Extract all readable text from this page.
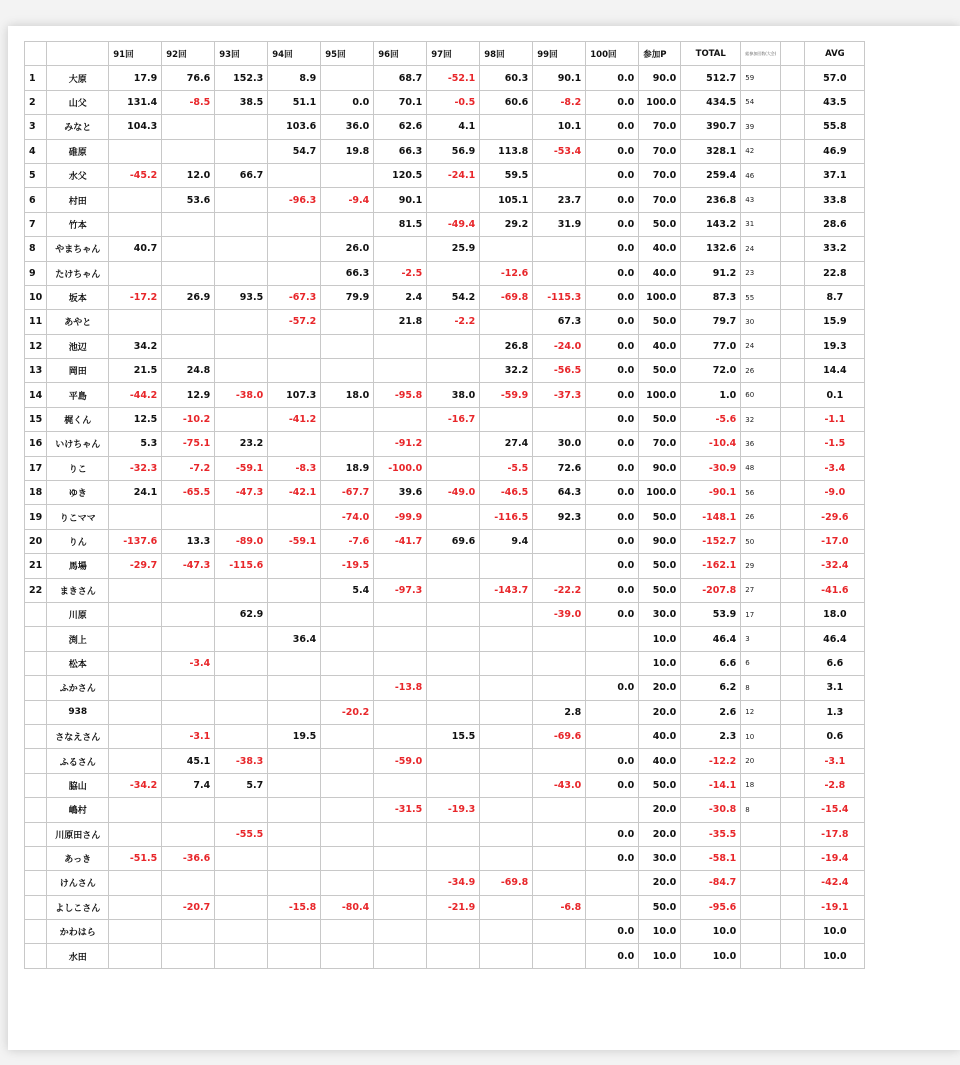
		91回	92回	93回	94回	95回	96回	97回	98回	99回	100回	参加P	TOTAL	総参加回数(大会)		AVG
1	大原	17.9	76.6	152.3	8.9		68.7	-52.1	60.3	90.1	0.0	90.0	512.7	59		57.0
2	山父	131.4	-8.5	38.5	51.1	0.0	70.1	-0.5	60.6	-8.2	0.0	100.0	434.5	54		43.5
3	みなと	104.3			103.6	36.0	62.6	4.1		10.1	0.0	70.0	390.7	39		55.8
4	碓原				54.7	19.8	66.3	56.9	113.8	-53.4	0.0	70.0	328.1	42		46.9
5	水父	-45.2	12.0	66.7			120.5	-24.1	59.5		0.0	70.0	259.4	46		37.1
6	村田		53.6		-96.3	-9.4	90.1		105.1	23.7	0.0	70.0	236.8	43		33.8
7	竹本						81.5	-49.4	29.2	31.9	0.0	50.0	143.2	31		28.6
8	やまちゃん	40.7				26.0		25.9			0.0	40.0	132.6	24		33.2
9	たけちゃん					66.3	-2.5		-12.6		0.0	40.0	91.2	23		22.8
10	坂本	-17.2	26.9	93.5	-67.3	79.9	2.4	54.2	-69.8	-115.3	0.0	100.0	87.3	55		8.7
11	あやと				-57.2		21.8	-2.2		67.3	0.0	50.0	79.7	30		15.9
12	池辺	34.2							26.8	-24.0	0.0	40.0	77.0	24		19.3
13	岡田	21.5	24.8						32.2	-56.5	0.0	50.0	72.0	26		14.4
14	平島	-44.2	12.9	-38.0	107.3	18.0	-95.8	38.0	-59.9	-37.3	0.0	100.0	1.0	60		0.1
15	梶くん	12.5	-10.2		-41.2			-16.7			0.0	50.0	-5.6	32		-1.1
16	いけちゃん	5.3	-75.1	23.2			-91.2		27.4	30.0	0.0	70.0	-10.4	36		-1.5
17	りこ	-32.3	-7.2	-59.1	-8.3	18.9	-100.0		-5.5	72.6	0.0	90.0	-30.9	48		-3.4
18	ゆき	24.1	-65.5	-47.3	-42.1	-67.7	39.6	-49.0	-46.5	64.3	0.0	100.0	-90.1	56		-9.0
19	りこママ					-74.0	-99.9		-116.5	92.3	0.0	50.0	-148.1	26		-29.6
20	りん	-137.6	13.3	-89.0	-59.1	-7.6	-41.7	69.6	9.4		0.0	90.0	-152.7	50		-17.0
21	馬場	-29.7	-47.3	-115.6		-19.5					0.0	50.0	-162.1	29		-32.4
22	まきさん					5.4	-97.3		-143.7	-22.2	0.0	50.0	-207.8	27		-41.6
	川原			62.9						-39.0	0.0	30.0	53.9	17		18.0
	渕上				36.4							10.0	46.4	3		46.4
	松本		-3.4									10.0	6.6	6		6.6
	ふかさん						-13.8				0.0	20.0	6.2	8		3.1
	938					-20.2				2.8		20.0	2.6	12		1.3
	さなえさん		-3.1		19.5			15.5		-69.6		40.0	2.3	10		0.6
	ふるさん		45.1	-38.3			-59.0				0.0	40.0	-12.2	20		-3.1
	脇山	-34.2	7.4	5.7						-43.0	0.0	50.0	-14.1	18		-2.8
	嶋村						-31.5	-19.3				20.0	-30.8	8		-15.4
	川原田さん			-55.5							0.0	20.0	-35.5			-17.8
	あっき	-51.5	-36.6								0.0	30.0	-58.1			-19.4
	けんさん							-34.9	-69.8			20.0	-84.7			-42.4
	よしこさん		-20.7		-15.8	-80.4		-21.9		-6.8		50.0	-95.6			-19.1
	かわはら										0.0	10.0	10.0			10.0
	水田										0.0	10.0	10.0			10.0
